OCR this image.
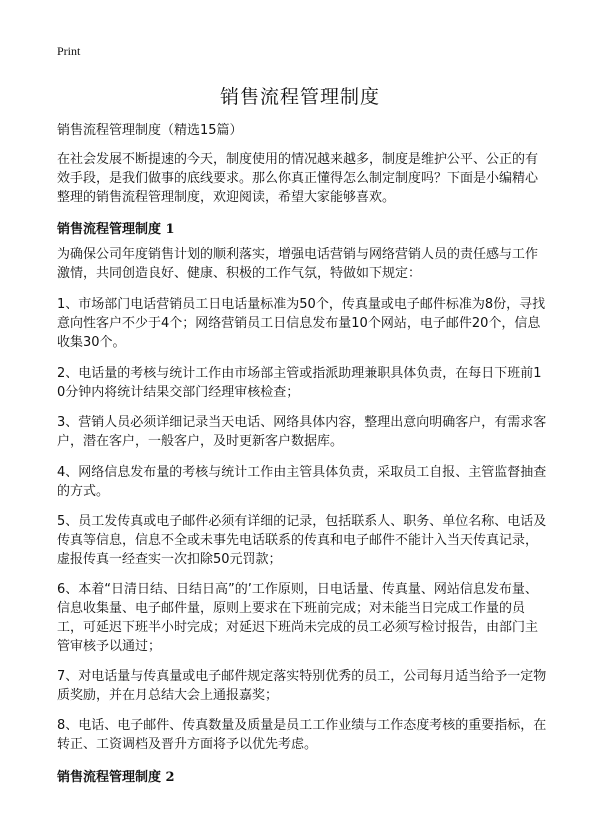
Print
销售流程管理制度
销售流程管理制度（精选15篇）
在社会发展不断提速的今天，制度使用的情况越来越多，制度是维护公平、公正的有效手段，是我们做事的底线要求。那么你真正懂得怎么制定制度吗？下面是小编精心整理的销售流程管理制度，欢迎阅读，希望大家能够喜欢。
销售流程管理制度 1
为确保公司年度销售计划的顺利落实，增强电话营销与网络营销人员的责任感与工作激情，共同创造良好、健康、积极的工作气氛，特做如下规定：
1、市场部门电话营销员工日电话量标准为50个，传真量或电子邮件标准为8份，寻找意向性客户不少于4个；网络营销员工日信息发布量10个网站，电子邮件20个，信息收集30个。
2、电话量的考核与统计工作由市场部主管或指派助理兼职具体负责，在每日下班前10分钟内将统计结果交部门经理审核检查；
3、营销人员必须详细记录当天电话、网络具体内容，整理出意向明确客户，有需求客户，潜在客户，一般客户，及时更新客户数据库。
4、网络信息发布量的考核与统计工作由主管具体负责，采取员工自报、主管监督抽查的方式。
5、员工发传真或电子邮件必须有详细的记录，包括联系人、职务、单位名称、电话及传真等信息，信息不全或未事先电话联系的传真和电子邮件不能计入当天传真记录，虚报传真一经查实一次扣除50元罚款；
6、本着“日清日结、日结日高”的’工作原则，日电话量、传真量、网站信息发布量、信息收集量、电子邮件量，原则上要求在下班前完成；对未能当日完成工作量的员工，可延迟下班半小时完成；对延迟下班尚未完成的员工必须写检讨报告，由部门主管审核予以通过；
7、对电话量与传真量或电子邮件规定落实特别优秀的员工，公司每月适当给予一定物质奖励，并在月总结大会上通报嘉奖；
8、电话、电子邮件、传真数量及质量是员工工作业绩与工作态度考核的重要指标，在转正、工资调档及晋升方面将予以优先考虑。
销售流程管理制度 2
